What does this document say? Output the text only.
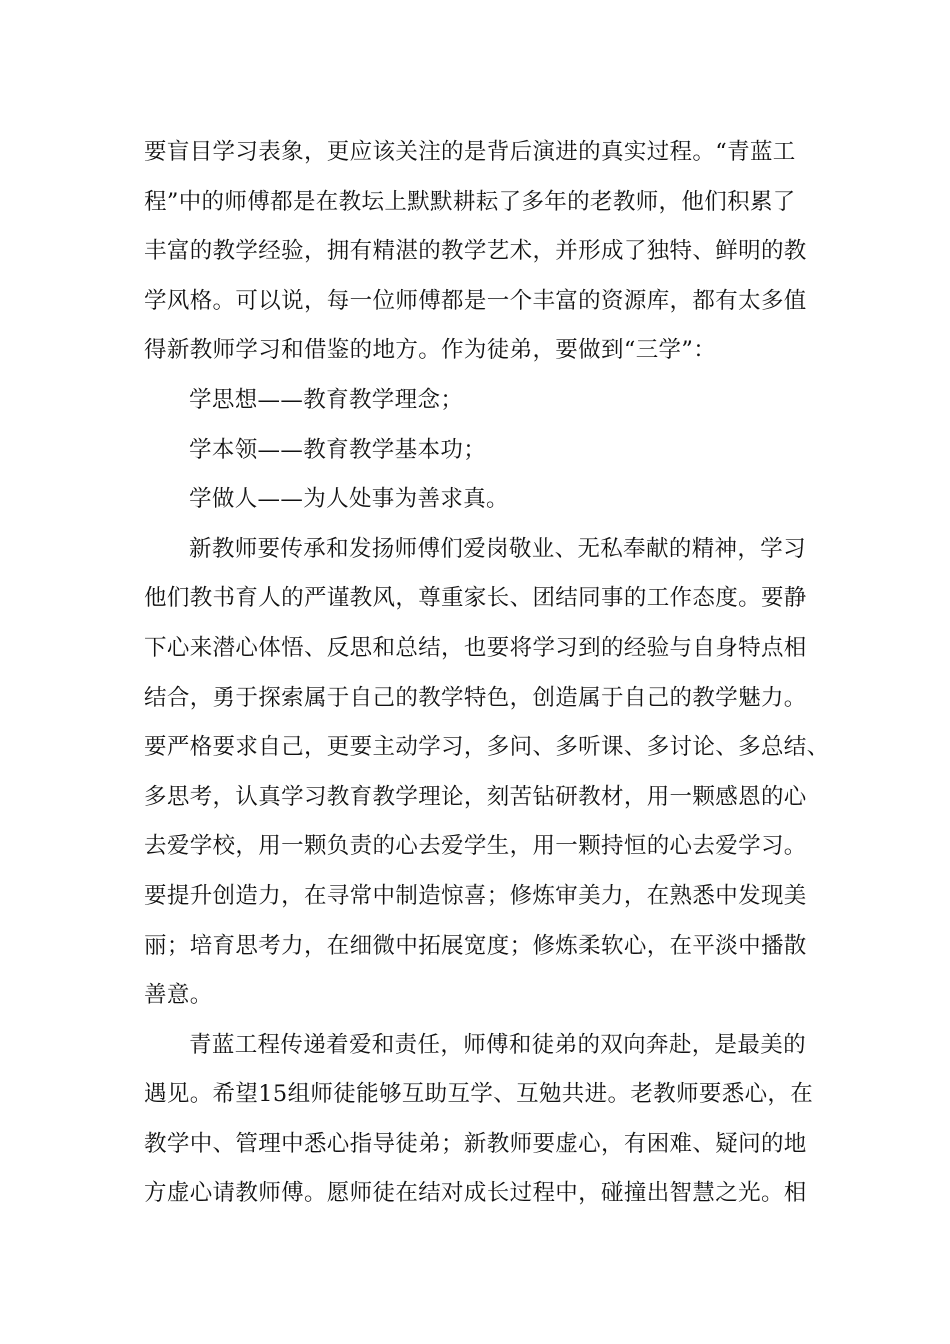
要盲目学习表象，更应该关注的是背后演进的真实过程。“青蓝工
程”中的师傅都是在教坛上默默耕耘了多年的老教师，他们积累了
丰富的教学经验，拥有精湛的教学艺术，并形成了独特、鲜明的教
学风格。可以说，每一位师傅都是一个丰富的资源库，都有太多值
得新教师学习和借鉴的地方。作为徒弟，要做到“三学”：
学思想——教育教学理念；
学本领——教育教学基本功；
学做人——为人处事为善求真。
新教师要传承和发扬师傅们爱岗敬业、无私奉献的精神，学习
他们教书育人的严谨教风，尊重家长、团结同事的工作态度。要静
下心来潜心体悟、反思和总结，也要将学习到的经验与自身特点相
结合，勇于探索属于自己的教学特色，创造属于自己的教学魅力。
要严格要求自己，更要主动学习，多问、多听课、多讨论、多总结、
多思考，认真学习教育教学理论，刻苦钻研教材，用一颗感恩的心
去爱学校，用一颗负责的心去爱学生，用一颗持恒的心去爱学习。
要提升创造力，在寻常中制造惊喜；修炼审美力，在熟悉中发现美
丽；培育思考力，在细微中拓展宽度；修炼柔软心，在平淡中播散
善意。
青蓝工程传递着爱和责任，师傅和徒弟的双向奔赴，是最美的
遇见。希望15组师徒能够互助互学、互勉共进。老教师要悉心，在
教学中、管理中悉心指导徒弟；新教师要虚心，有困难、疑问的地
方虚心请教师傅。愿师徒在结对成长过程中，碰撞出智慧之光。相
